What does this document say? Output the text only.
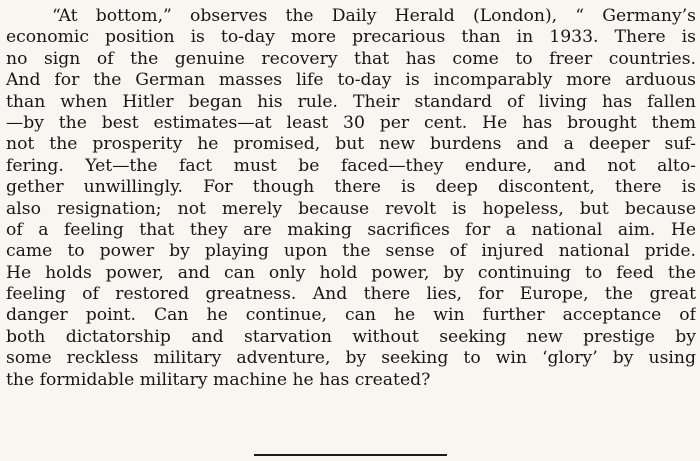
“At bottom,” observes the Daily Herald (London), “ Germany’s
economic position is to-day more precarious than in 1933. There is
no sign of the genuine recovery that has come to freer countries.
And for the German masses life to-day is incomparably more arduous
than when Hitler began his rule. Their standard of living has fallen
—by the best estimates—at least 30 per cent. He has brought them
not the prosperity he promised, but new burdens and a deeper suf-
fering. Yet—the fact must be faced—they endure, and not alto-
gether unwillingly. For though there is deep discontent, there is
also resignation; not merely because revolt is hopeless, but because
of a feeling that they are making sacrifices for a national aim. He
came to power by playing upon the sense of injured national pride.
He holds power, and can only hold power, by continuing to feed the
feeling of restored greatness. And there lies, for Europe, the great
danger point. Can he continue, can he win further acceptance of
both dictatorship and starvation without seeking new prestige by
some reckless military adventure, by seeking to win ‘glory’ by using
the formidable military machine he has created?
